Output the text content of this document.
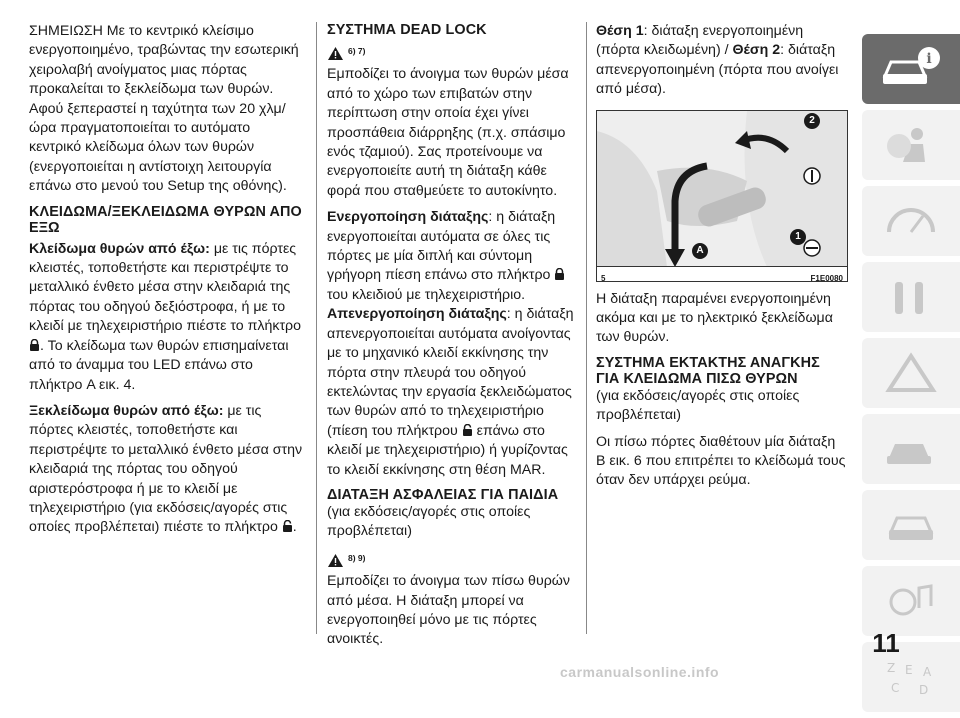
ΣΗΜΕΙΩΣΗ Με το κεντρικό κλείσιμο ενεργοποιημένο, τραβώντας την εσωτερική χειρολαβή ανοίγματος μιας πόρτας προκαλείται το ξεκλείδωμα των θυρών. Αφού ξεπεραστεί η ταχύτητα των 20 χλμ/ώρα πραγματοποιείται το αυτόματο κεντρικό κλείδωμα όλων των θυρών (ενεργοποιείται η αντίστοιχη λειτουργία επάνω στο μενού του Setup της οθόνης).

ΚΛΕΙΔΩΜΑ/ΞΕΚΛΕΙΔΩΜΑ ΘΥΡΩΝ ΑΠΟ ΕΞΩ

Κλείδωμα θυρών από έξω: με τις πόρτες κλειστές, τοποθετήστε και περιστρέψτε το μεταλλικό ένθετο μέσα στην κλειδαριά της πόρτας του οδηγού δεξιόστροφα, ή με το κλειδί με τηλεχειριστήριο πιέστε το πλήκτρο . Το κλείδωμα των θυρών επισημαίνεται από το άναμμα του LED επάνω στο πλήκτρο A εικ. 4.

Ξεκλείδωμα θυρών από έξω: με τις πόρτες κλειστές, τοποθετήστε και περιστρέψτε το μεταλλικό ένθετο μέσα στην κλειδαριά της πόρτας του οδηγού αριστερόστροφα ή με το κλειδί με τηλεχειριστήριο (για εκδόσεις/αγορές στις οποίες προβλέπεται) πιέστε το πλήκτρο .

ΣΥΣΤΗΜΑ DEAD LOCK
6) 7)

Εμποδίζει το άνοιγμα των θυρών μέσα από το χώρο των επιβατών στην περίπτωση στην οποία έχει γίνει προσπάθεια διάρρηξης (π.χ. σπάσιμο ενός τζαμιού). Σας προτείνουμε να ενεργοποιείτε αυτή τη διάταξη κάθε φορά που σταθμεύετε το αυτοκίνητο.

Ενεργοποίηση διάταξης: η διάταξη ενεργοποιείται αυτόματα σε όλες τις πόρτες με μία διπλή και σύντομη γρήγορη πίεση επάνω στο πλήκτρο  του κλειδιού με τηλεχειριστήριο.

Απενεργοποίηση διάταξης: η διάταξη απενεργοποιείται αυτόματα ανοίγοντας με το μηχανικό κλειδί εκκίνησης την πόρτα στην πλευρά του οδηγού εκτελώντας την εργασία ξεκλειδώματος των θυρών από το τηλεχειριστήριο (πίεση του πλήκτρου  επάνω στο κλειδί με τηλεχειριστήριο) ή γυρίζοντας το κλειδί εκκίνησης στη θέση MAR.

ΔΙΑΤΑΞΗ ΑΣΦΑΛΕΙΑΣ ΓΙΑ ΠΑΙΔΙΑ

(για εκδόσεις/αγορές στις οποίες προβλέπεται)

8) 9)

Εμποδίζει το άνοιγμα των πίσω θυρών από μέσα. Η διάταξη μπορεί να ενεργοποιηθεί μόνο με τις πόρτες ανοικτές.

Θέση 1: διάταξη ενεργοποιημένη (πόρτα κλειδωμένη) / Θέση 2: διάταξη απενεργοποιημένη (πόρτα που ανοίγει από μέσα).

1
2
A
5	F1E0080

Η διάταξη παραμένει ενεργοποιημένη ακόμα και με το ηλεκτρικό ξεκλείδωμα των θυρών.

ΣΥΣΤΗΜΑ ΕΚΤΑΚΤΗΣ ΑΝΑΓΚΗΣ ΓΙΑ ΚΛΕΙΔΩΜΑ ΠΙΣΩ ΘΥΡΩΝ

(για εκδόσεις/αγορές στις οποίες προβλέπεται)

Οι πίσω πόρτες διαθέτουν μία διάταξη B εικ. 6 που επιτρέπει το κλείδωμά τους όταν δεν υπάρχει ρεύμα.

i
Z E A
C D
11
carmanualsonline.info
